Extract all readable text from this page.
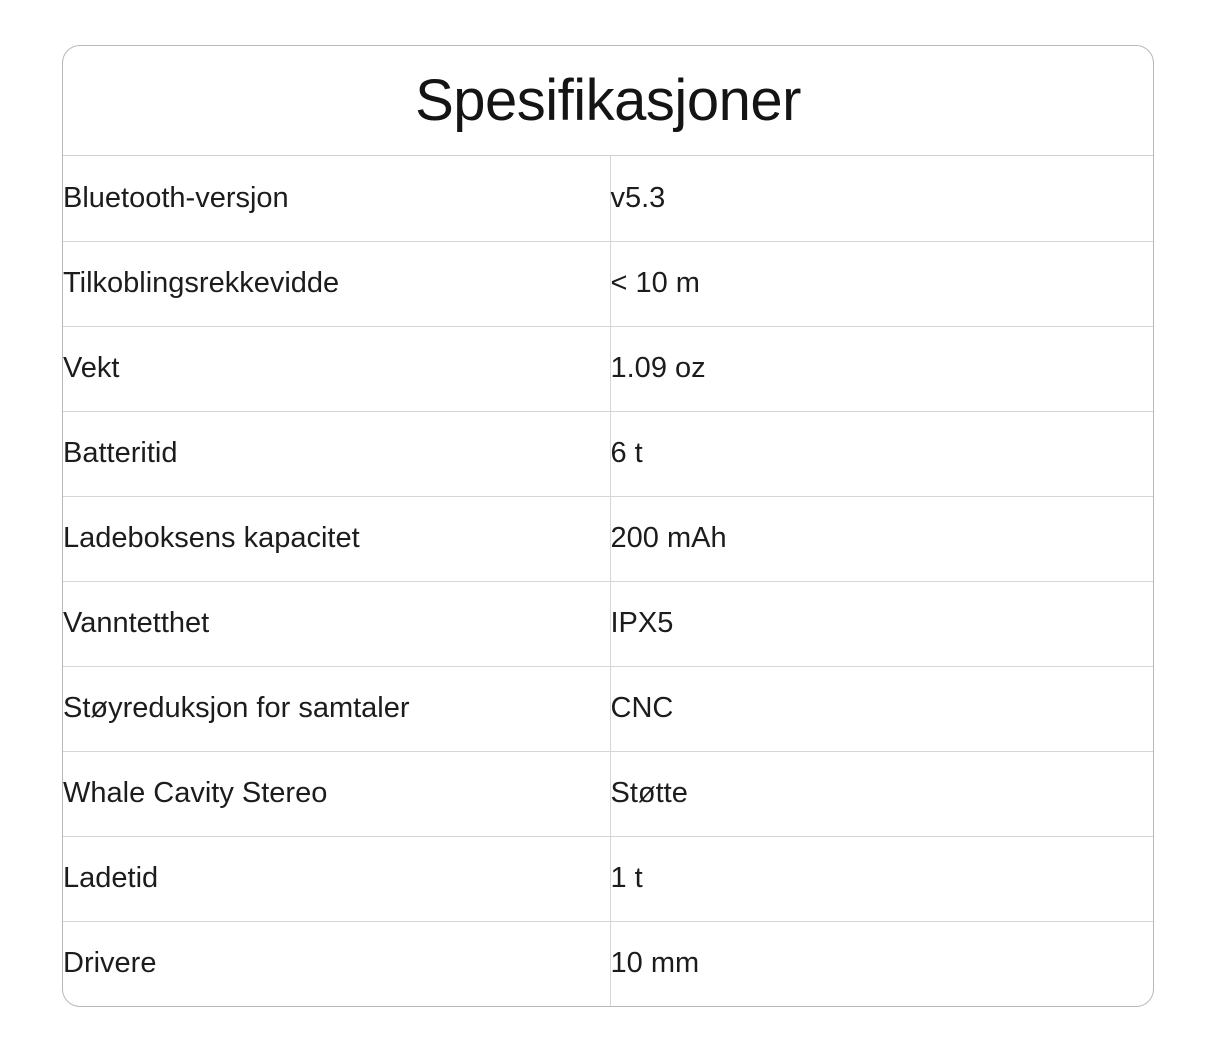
Spesifikasjoner
Bluetooth-versjon	v5.3
Tilkoblingsrekkevidde	< 10 m
Vekt	1.09 oz
Batteritid	6 t
Ladeboksens kapacitet	200 mAh
Vanntetthet	IPX5
Støyreduksjon for samtaler	CNC
Whale Cavity Stereo	Støtte
Ladetid	1 t
Drivere	10 mm
